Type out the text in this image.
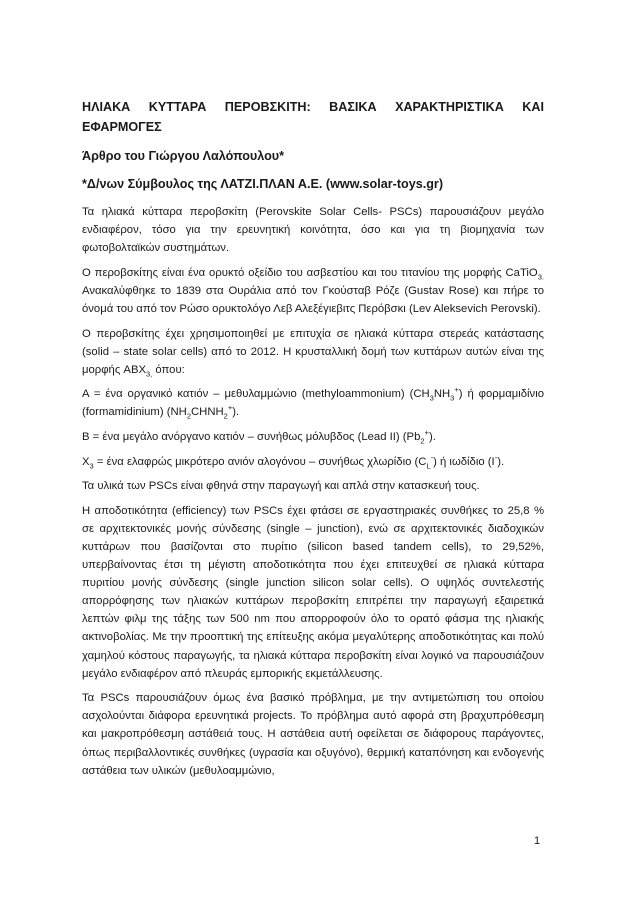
ΗΛΙΑΚΑ ΚΥΤΤΑΡΑ ΠΕΡΟΒΣΚΙΤΗ: ΒΑΣΙΚΑ ΧΑΡΑΚΤΗΡΙΣΤΙΚΑ ΚΑΙ
ΕΦΑΡΜΟΓΕΣ
Άρθρο του Γιώργου Λαλόπουλου*
*Δ/νων Σύμβουλος της ΛΑΤΖΙ.ΠΛΑΝ Α.Ε. (www.solar-toys.gr)

Τα ηλιακά κύτταρα περοβσκίτη (Perovskite Solar Cells- PSCs) παρουσιάζουν μεγάλο ενδιαφέρον, τόσο για την ερευνητική κοινότητα, όσο και για τη βιομηχανία των φωτοβολταϊκών συστημάτων.

Ο περοβσκίτης είναι ένα ορυκτό οξείδιο του ασβεστίου και του τιτανίου της μορφής CaTiO$_{3.}$ Ανακαλύφθηκε το 1839 στα Ουράλια από τον Γκούσταβ Ρόζε (Gustav Rose) και πήρε το όνομά του από τον Ρώσο ορυκτολόγο Λεβ Αλεξέγιεβιτς Περόβσκι (Lev Aleksevich Perovski).

Ο περοβσκίτης έχει χρησιμοποιηθεί με επιτυχία σε ηλιακά κύτταρα στερεάς κατάστασης (solid – state solar cells) από το 2012. Η κρυσταλλική δομή των κυττάρων αυτών είναι της μορφής $ABX_{3,}$ όπου:

Α = ένα οργανικό κατιόν – μεθυλαμμώνιο (methyloammonium) $(CH_3NH_3^+)$ ή φορμαμιδίνιο (formamidinium) $(NH_2CHNH_2^+)$.

B = ένα μεγάλο ανόργανο κατιόν – συνήθως μόλυβδος (Lead II) $(Pb_2^+)$.

$X_3 = έ\nu\alpha$ ελαφρώς μικρότερο ανιόν αλογόνου – συνήθως χλωρίδιο $(C_L^-)$ ή ιωδίδιο (I-).

Τα υλικά των PSCs είναι φθηνά στην παραγωγή και απλά στην κατασκευή τους.

Η αποδοτικότητα (efficiency) των PSCs έχει φτάσει σε εργαστηριακές συνθήκες το 25,8 % σε αρχιτεκτονικές μονής σύνδεσης (single – junction), ενώ σε αρχιτεκτονικές διαδοχικών κυττάρων που βασίζονται στο πυρίτιο (silicon based tandem cells), το 29,52%, υπερβαίνοντας έτσι τη μέγιστη αποδοτικότητα που έχει επιτευχθεί σε ηλιακά κύτταρα πυριτίου μονής σύνδεσης (single junction silicon solar cells). Ο υψηλός συντελεστής απορρόφησης των ηλιακών κυττάρων περοβσκίτη επιτρέπει την παραγωγή εξαιρετικά λεπτών φιλμ της τάξης των 500 nm που απορροφούν όλο το ορατό φάσμα της ηλιακής ακτινοβολίας. Με την προοπτική της επίτευξης ακόμα μεγαλύτερης αποδοτικότητας και πολύ χαμηλού κόστους παραγωγής, τα ηλιακά κύτταρα περοβσκίτη είναι λογικό να παρουσιάζουν μεγάλο ενδιαφέρον από πλευράς εμπορικής εκμετάλλευσης.

Τα PSCs παρουσιάζουν όμως ένα βασικό πρόβλημα, με την αντιμετώπιση του οποίου ασχολούνται διάφορα ερευνητικά projects. Το πρόβλημα αυτό αφορά στη βραχυπρόθεσμη και μακροπρόθεσμη αστάθειά τους. Η αστάθεια αυτή οφείλεται σε διάφορους παράγοντες, όπως περιβαλλοντικές συνθήκες (υγρασία και οξυγόνο), θερμική καταπόνηση και ενδογενής αστάθεια των υλικών (μεθυλοαμμώνιο,

1
